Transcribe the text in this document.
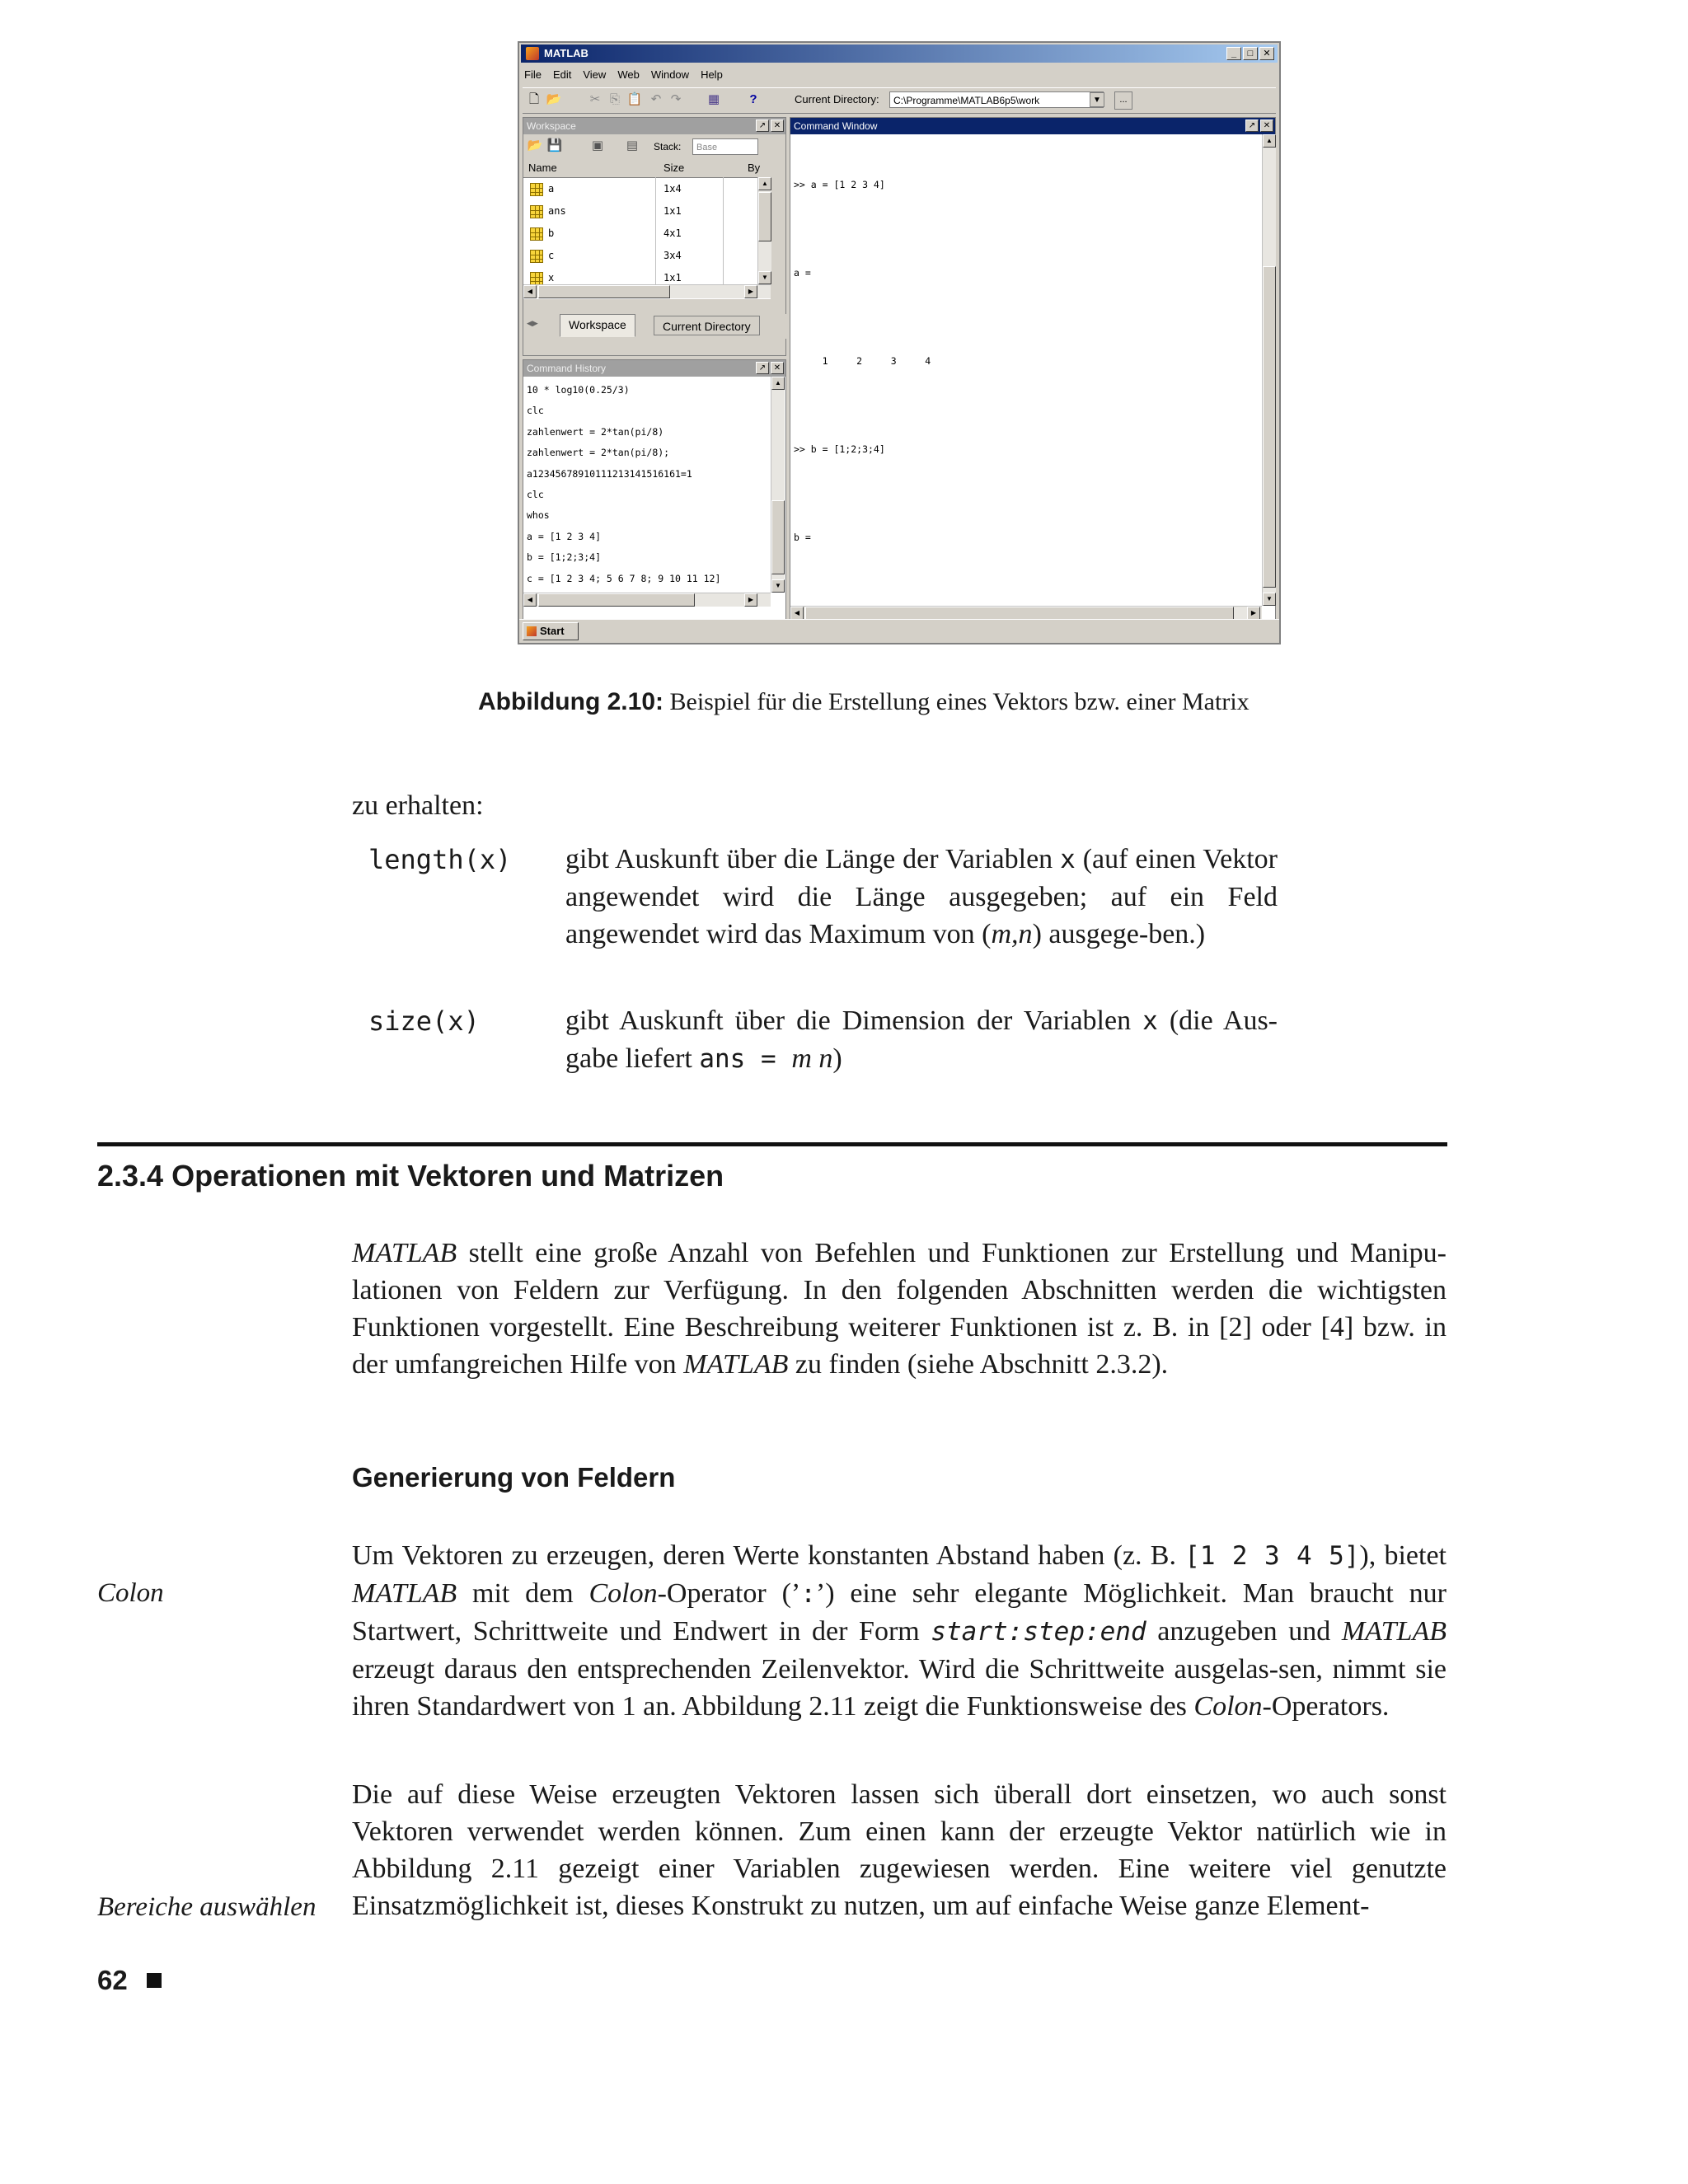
MATLAB	_	□	✕
File Edit View Web Window Help
🗋 📂 ✂ ⎘ 📋 ↶ ↷ ▦	?	Current Directory:	C:\Programme\MATLAB6p5\work	▼	...
Workspace	↗ ✕
📂 💾 ▣ ▤ Stack:	Base
Name	Size	By
a	1x4
ans	1x1
b	4x1
c	3x4
x	1x1
▲
▼
◀	▶
◀▶	Workspace	Current Directory
Command History	↗ ✕
10 * log10(0.25/3)
clc
zahlenwert = 2*tan(pi/8)
zahlenwert = 2*tan(pi/8);
a12345678910111213141516161=1
clc
whos
a = [1 2 3 4]
b = [1;2;3;4]
c = [1 2 3 4; 5 6 7 8; 9 10 11 12]
▲
▼
◀	▶
Command Window	↗ ✕

>> a = [1 2 3 4]

a =

1     2     3     4

>> b = [1;2;3;4]

b =

▲
▼
◀	▶
Start
Abbildung 2.10: Beispiel für die Erstellung eines Vektors bzw. einer Matrix
zu erhalten:
length(x) gibt Auskunft über die Länge der Variablen x (auf einen Vektor angewendet wird die Länge ausgegeben; auf ein Feld angewendet wird das Maximum von (m,n) ausgege-ben.)
size(x)	gibt Auskunft über die Dimension der Variablen x (die Aus-gabe liefert ans = m n)
2.3.4 Operationen mit Vektoren und Matrizen
MATLAB stellt eine große Anzahl von Befehlen und Funktionen zur Erstellung und Manipu-lationen von Feldern zur Verfügung. In den folgenden Abschnitten werden die wichtigsten Funktionen vorgestellt. Eine Beschreibung weiterer Funktionen ist z. B. in [2] oder [4] bzw. in der umfangreichen Hilfe von MATLAB zu finden (siehe Abschnitt 2.3.2).
Generierung von Feldern
Colon
Um Vektoren zu erzeugen, deren Werte konstanten Abstand haben (z. B. [1 2 3 4 5]), bietet MATLAB mit dem Colon-Operator (’:’) eine sehr elegante Möglichkeit. Man braucht nur Startwert, Schrittweite und Endwert in der Form start:step:end anzugeben und MATLAB erzeugt daraus den entsprechenden Zeilenvektor. Wird die Schrittweite ausgelas-sen, nimmt sie ihren Standardwert von 1 an. Abbildung 2.11 zeigt die Funktionsweise des Colon-Operators.
Die auf diese Weise erzeugten Vektoren lassen sich überall dort einsetzen, wo auch sonst Vektoren verwendet werden können. Zum einen kann der erzeugte Vektor natürlich wie in Abbildung 2.11 gezeigt einer Variablen zugewiesen werden. Eine weitere viel genutzte Einsatzmöglichkeit ist, dieses Konstrukt zu nutzen, um auf einfache Weise ganze Element-
Bereiche auswählen
62
